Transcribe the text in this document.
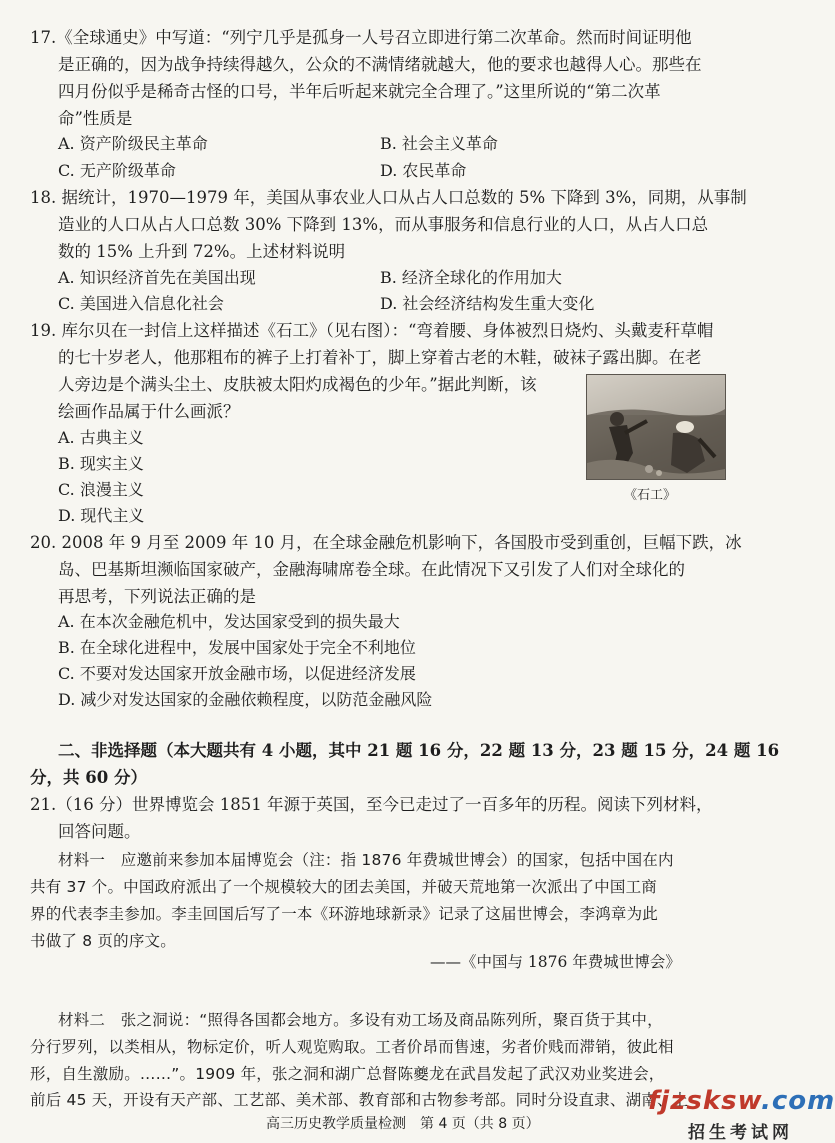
17.《全球通史》中写道：“列宁几乎是孤身一人号召立即进行第二次革命。然而时间证明他
是正确的，因为战争持续得越久，公众的不满情绪就越大，他的要求也越得人心。那些在
四月份似乎是稀奇古怪的口号，半年后听起来就完全合理了。”这里所说的“第二次革
命”性质是
A. 资产阶级民主革命	B. 社会主义革命
C. 无产阶级革命	D. 农民革命
18. 据统计，1970—1979 年，美国从事农业人口从占人口总数的 5% 下降到 3%，同期，从事制
造业的人口从占人口总数 30% 下降到 13%，而从事服务和信息行业的人口，从占人口总
数的 15% 上升到 72%。上述材料说明
A. 知识经济首先在美国出现	B. 经济全球化的作用加大
C. 美国进入信息化社会	D. 社会经济结构发生重大变化
19. 库尔贝在一封信上这样描述《石工》（见右图）：“弯着腰、身体被烈日烧灼、头戴麦秆草帽
的七十岁老人，他那粗布的裤子上打着补丁，脚上穿着古老的木鞋，破袜子露出脚。在老
人旁边是个满头尘土、皮肤被太阳灼成褐色的少年。”据此判断，该
绘画作品属于什么画派？
A. 古典主义
B. 现实主义
C. 浪漫主义
D. 现代主义
《石工》
20. 2008 年 9 月至 2009 年 10 月，在全球金融危机影响下，各国股市受到重创，巨幅下跌，冰
岛、巴基斯坦濒临国家破产，金融海啸席卷全球。在此情况下又引发了人们对全球化的
再思考，下列说法正确的是
A. 在本次金融危机中，发达国家受到的损失最大
B. 在全球化进程中，发展中国家处于完全不利地位
C. 不要对发达国家开放金融市场，以促进经济发展
D. 减少对发达国家的金融依赖程度，以防范金融风险
二、非选择题（本大题共有 4 小题，其中 21 题 16 分，22 题 13 分，23 题 15 分，24 题 16
分，共 60 分）
21.（16 分）世界博览会 1851 年源于英国，至今已走过了一百多年的历程。阅读下列材料，
回答问题。
材料一　应邀前来参加本届博览会（注：指 1876 年费城世博会）的国家，包括中国在内
共有 37 个。中国政府派出了一个规模较大的团去美国，并破天荒地第一次派出了中国工商
界的代表李圭参加。李圭回国后写了一本《环游地球新录》记录了这届世博会，李鸿章为此
书做了 8 页的序文。
——《中国与 1876 年费城世博会》
材料二　张之洞说：“照得各国都会地方。多设有劝工场及商品陈列所，聚百货于其中，
分行罗列，以类相从，物标定价，听人观览购取。工者价昂而售速，劣者价贱而滞销，彼此相
形，自生激励。……”。1909 年，张之洞和湖广总督陈夔龙在武昌发起了武汉劝业奖进会，
前后 45 天，开设有天产部、工艺部、美术部、教育部和古物参考部。同时分设直隶、湖南、上
高三历史教学质量检测　第 4 页（共 8 页）
fjzsksw.com
招生考试网
